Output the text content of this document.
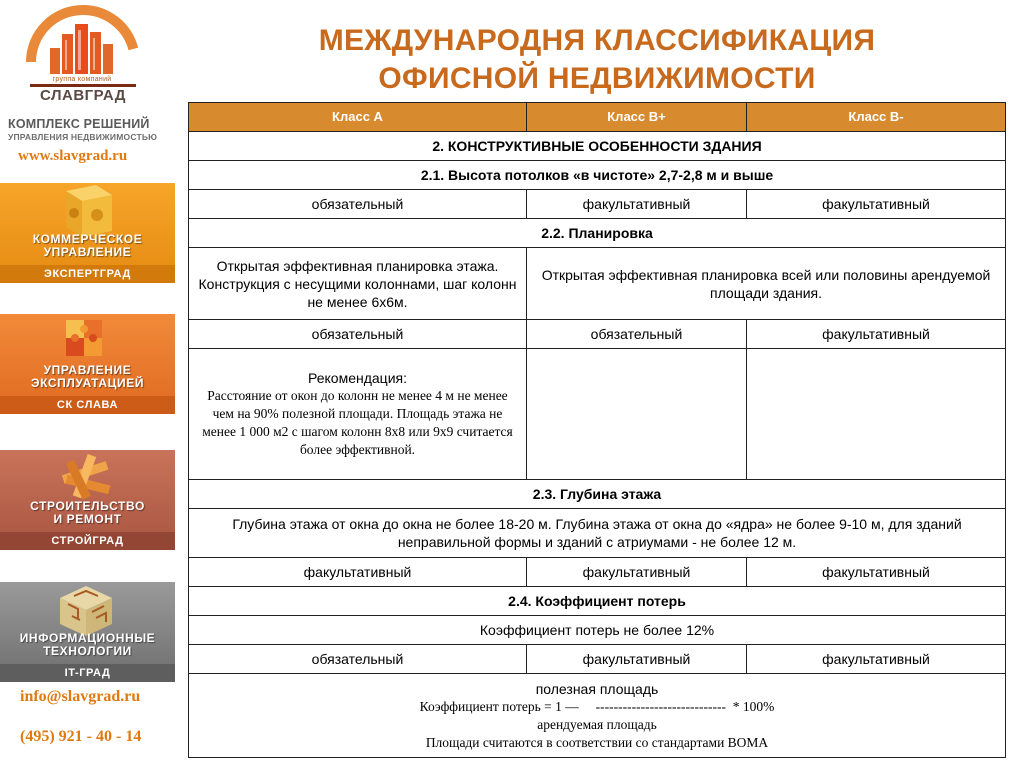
группа компаний
СЛАВГРАД
КОМПЛЕКС РЕШЕНИЙ
УПРАВЛЕНИЯ НЕДВИЖИМОСТЬЮ
www.slavgrad.ru
КОММЕРЧЕСКОЕ
УПРАВЛЕНИЕ
ЭКСПЕРТГРАД
УПРАВЛЕНИЕ
ЭКСПЛУАТАЦИЕЙ
СК СЛАВА
СТРОИТЕЛЬСТВО
И РЕМОНТ
СТРОЙГРАД
ИНФОРМАЦИОННЫЕ
ТЕХНОЛОГИИ
IT-ГРАД
info@slavgrad.ru
(495) 921 - 40 - 14
МЕЖДУНАРОДНЯ КЛАССИФИКАЦИЯ
ОФИСНОЙ НЕДВИЖИМОСТИ
Класс А	Класс В+	Класс В-
2. КОНСТРУКТИВНЫЕ ОСОБЕННОСТИ ЗДАНИЯ		
2.1. Высота потолков «в чистоте» 2,7-2,8 м и выше		
обязательный	факультативный	факультативный
2.2. Планировка		
Открытая эффективная планировка этажа. Конструкция с несущими колоннами, шаг колонн не менее 6х6м.	Открытая эффективная планировка всей или половины арендуемой площади здания.	
обязательный	обязательный	факультативный

Рекомендация:
Расстояние от окон до колонн не менее 4 м не менее чем на 90% полезной площади. Площадь этажа не менее 1 000 м2 с шагом колонн 8х8 или 9х9 считается более эффективной.		

2.3. Глубина этажа		
Глубина этажа от окна до окна не более 18-20 м. Глубина этажа от окна до «ядра» не более 9-10 м, для зданий неправильной формы и зданий с атриумами - не более 12 м.		
факультативный	факультативный	факультативный
2.4. Коэффициент потерь		
Коэффициент потерь не более 12%		
обязательный	факультативный	факультативный

полезная площадь
Коэффициент потерь = 1 —     -----------------------------  * 100%
арендуемая площадь
Площади считаются в соответствии со стандартами ВОМА		
